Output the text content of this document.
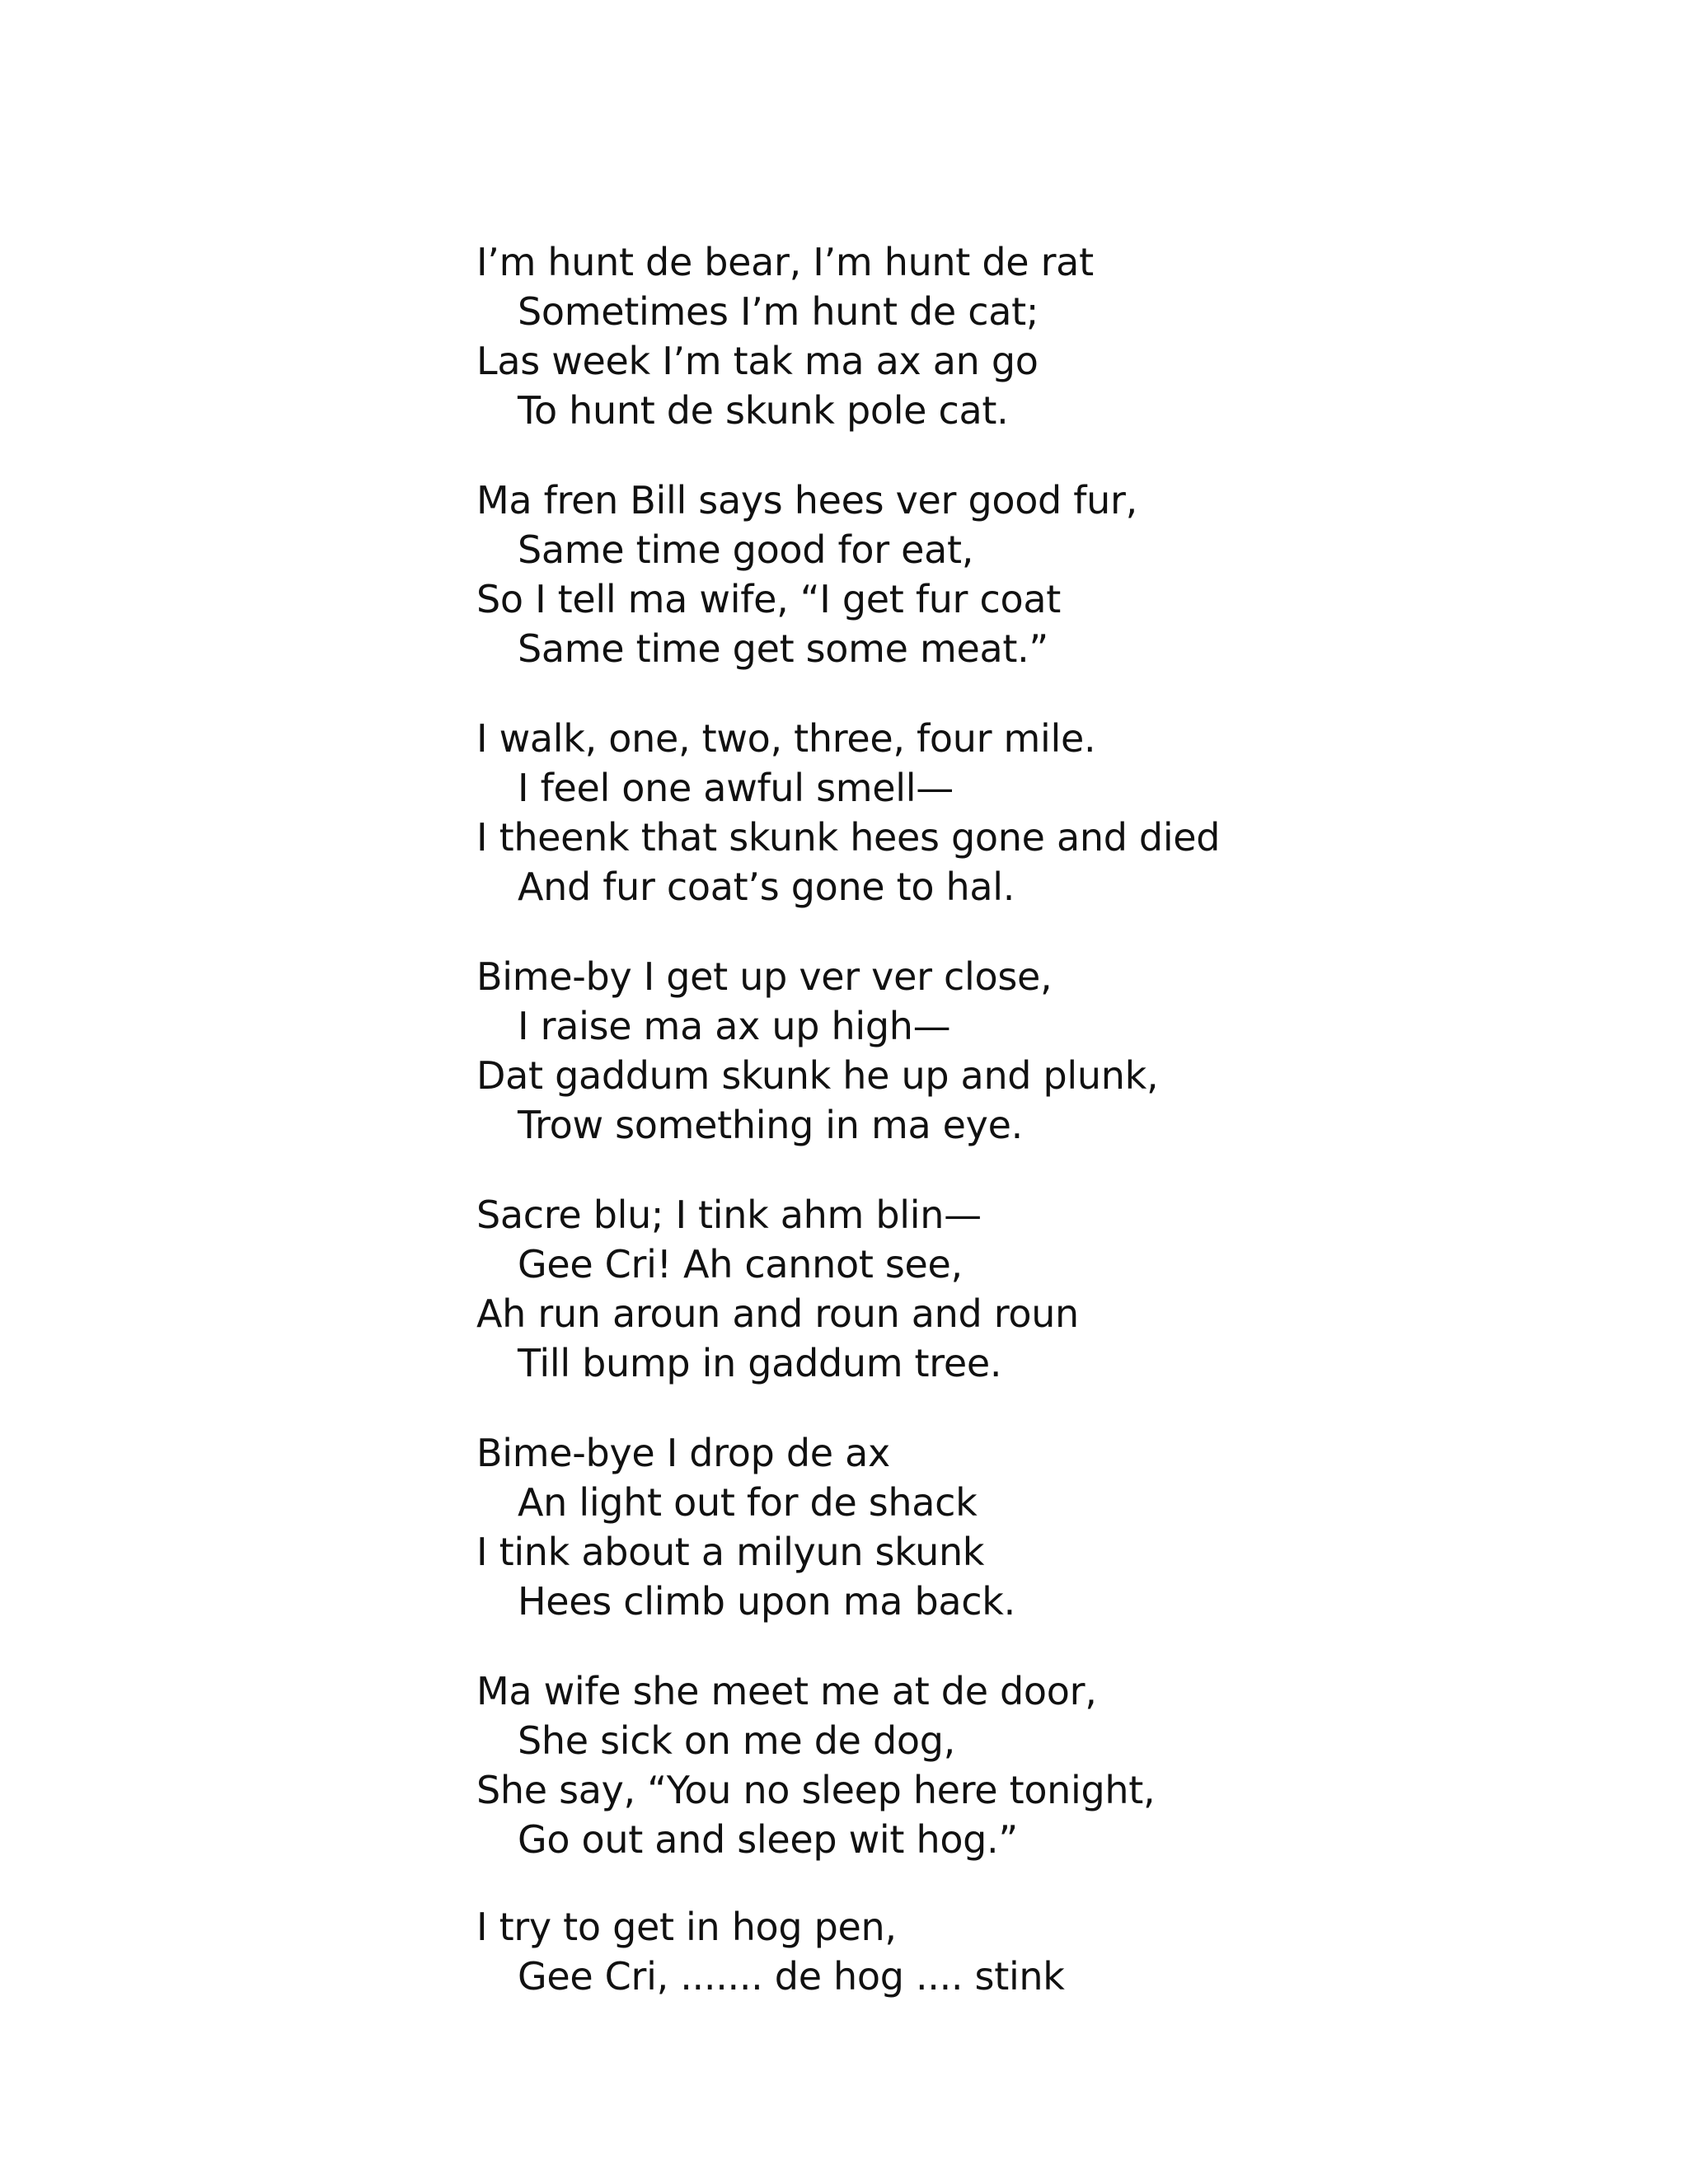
I’m hunt de bear, I’m hunt de rat
Sometimes I’m hunt de cat;
Las week I’m tak ma ax an go
To hunt de skunk pole cat.
Ma fren Bill says hees ver good fur,
Same time good for eat,
So I tell ma wife, “I get fur coat
Same time get some meat.”
I walk, one, two, three, four mile.
I feel one awful smell—
I theenk that skunk hees gone and died
And fur coat’s gone to hal.
Bime-by I get up ver ver close,
I raise ma ax up high—
Dat gaddum skunk he up and plunk,
Trow something in ma eye.
Sacre blu; I tink ahm blin—
Gee Cri! Ah cannot see,
Ah run aroun and roun and roun
Till bump in gaddum tree.
Bime-bye I drop de ax
An light out for de shack
I tink about a milyun skunk
Hees climb upon ma back.
Ma wife she meet me at de door,
She sick on me de dog,
She say, “You no sleep here tonight,
Go out and sleep wit hog.”
I try to get in hog pen,
Gee Cri, ....... de hog .... stink
